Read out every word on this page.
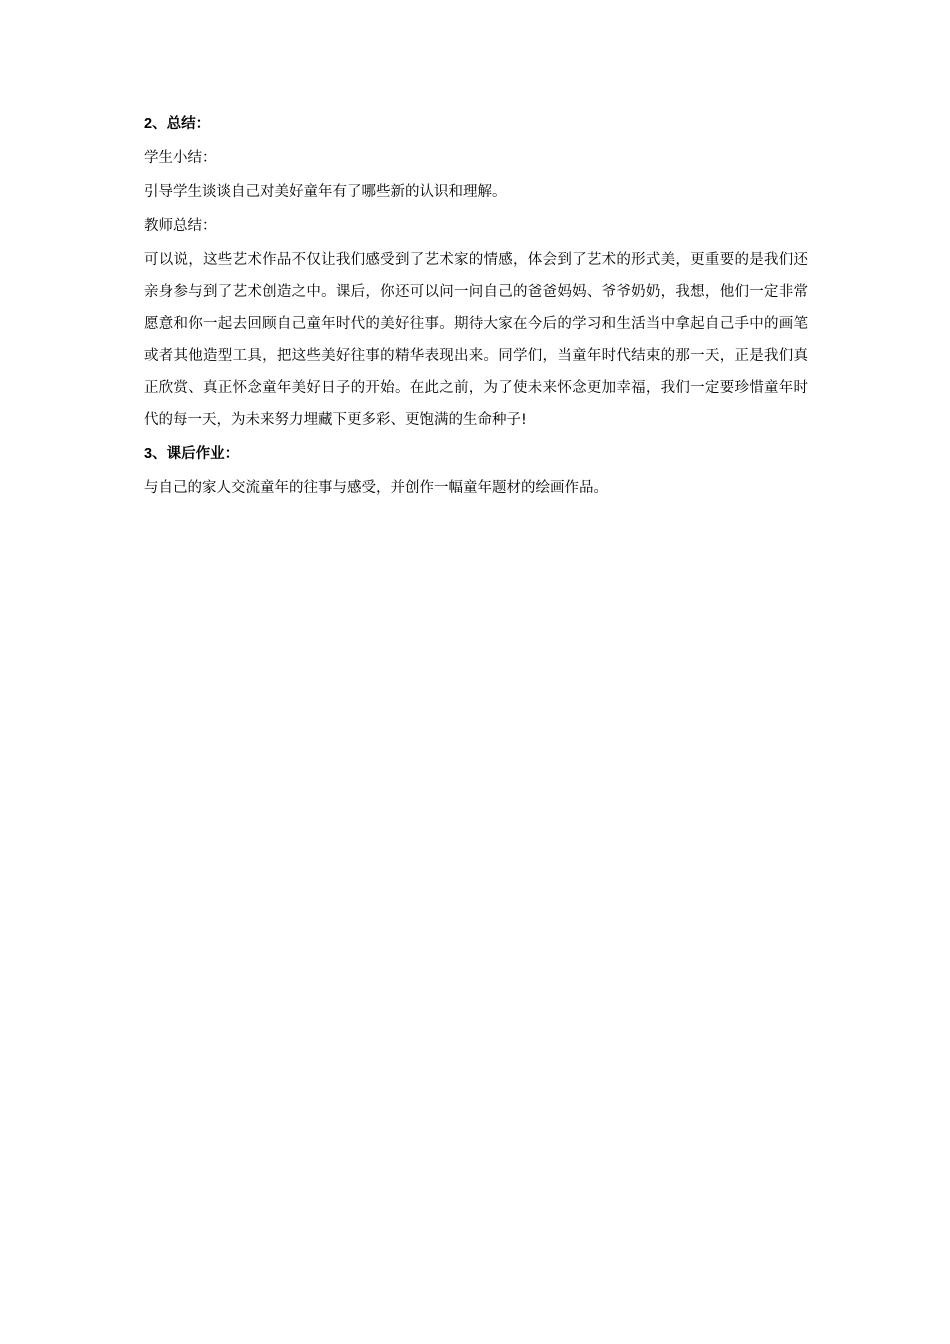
2、总结：
学生小结：
引导学生谈谈自己对美好童年有了哪些新的认识和理解。
教师总结：
可以说，这些艺术作品不仅让我们感受到了艺术家的情感，体会到了艺术的形式美，更重要的是我们还亲身参与到了艺术创造之中。课后，你还可以问一问自己的爸爸妈妈、爷爷奶奶，我想，他们一定非常愿意和你一起去回顾自己童年时代的美好往事。期待大家在今后的学习和生活当中拿起自己手中的画笔或者其他造型工具，把这些美好往事的精华表现出来。同学们，当童年时代结束的那一天，正是我们真正欣赏、真正怀念童年美好日子的开始。在此之前，为了使未来怀念更加幸福，我们一定要珍惜童年时代的每一天，为未来努力埋藏下更多彩、更饱满的生命种子!
3、课后作业：
与自己的家人交流童年的往事与感受，并创作一幅童年题材的绘画作品。
